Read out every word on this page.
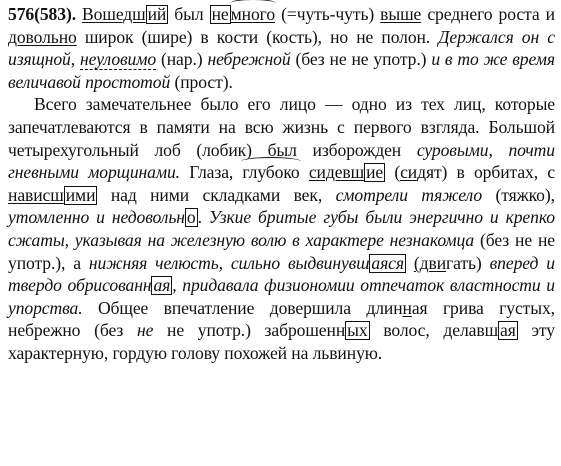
576(583). Вошедш ий был не много (=чуть-чуть) выше среднего роста и довольно широк (шире) в кости (кость), но не полон. Держался он с изящной, неуловимо (нар.) небрежной (без не не употр.) и в то же время величавой простотой (прост).

Всего замечательнее было его лицо — одно из тех лиц, которые запечатлеваются в памяти на всю жизнь с первого взгляда. Большой четырехугольный лоб (лобик) был изборожден суровыми, почти гневными морщинами. Глаза, глубоко сидевш ие (сидят) в орбитах, с нависш ими над ними складками век, смотрели тяжело (тяжко), утомленно и недовольн о . Узкие бритые губы были энергично и крепко сжаты, указывая на железную волю в характере незнакомца (без не не употр.), а нижняя челюсть, сильно выдвинувш аяся (двигать) вперед и твердо обрисованн ая , придавала физиономии отпечаток властности и упорства. Общее впечатление довершила длинная грива густых, небрежно (без не не употр.) заброшенн ых волос, делавш ая эту характерную, гордую голову похожей на львиную.
